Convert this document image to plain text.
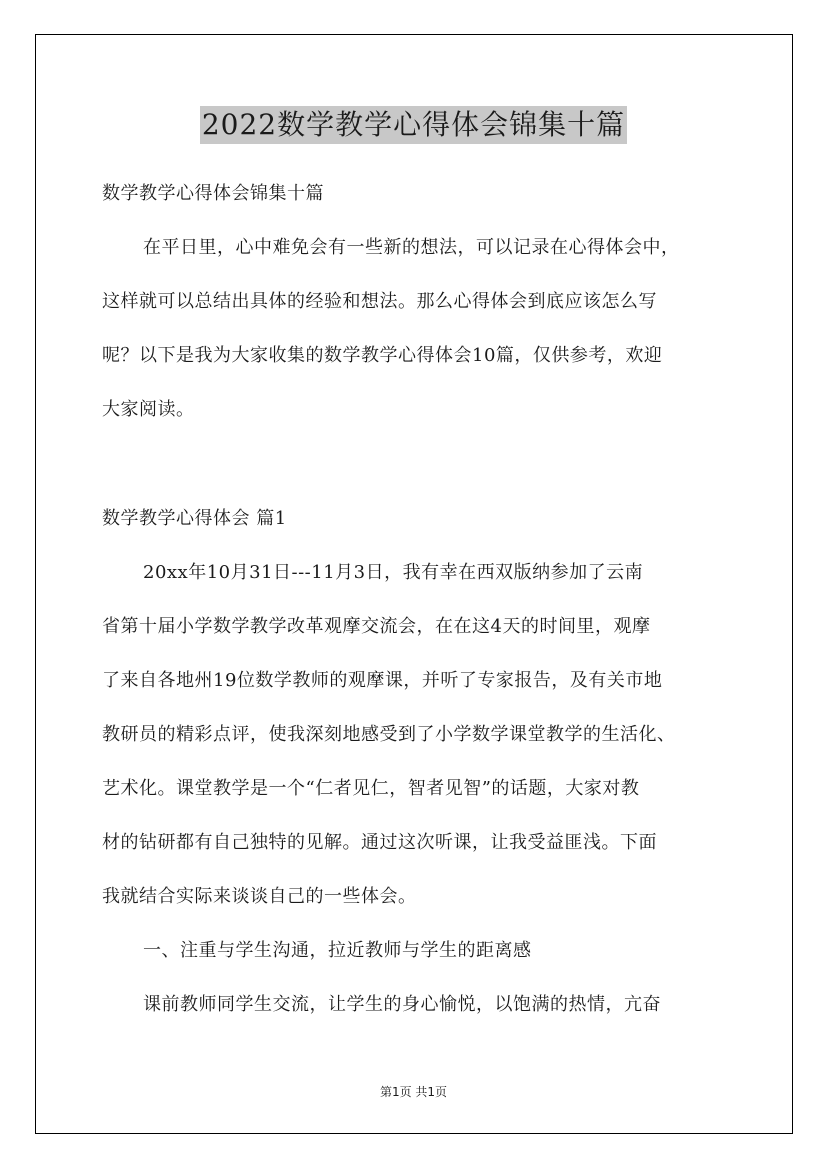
2022数学教学心得体会锦集十篇
数学教学心得体会锦集十篇
在平日里，心中难免会有一些新的想法，可以记录在心得体会中，
这样就可以总结出具体的经验和想法。那么心得体会到底应该怎么写
呢？以下是我为大家收集的数学教学心得体会10篇，仅供参考，欢迎
大家阅读。
数学教学心得体会 篇1
20xx年10月31日---11月3日，我有幸在西双版纳参加了云南
省第十届小学数学教学改革观摩交流会，在在这4天的时间里，观摩
了来自各地州19位数学教师的观摩课，并听了专家报告，及有关市地
教研员的精彩点评，使我深刻地感受到了小学数学课堂教学的生活化、
艺术化。课堂教学是一个“仁者见仁，智者见智”的话题，大家对教
材的钻研都有自己独特的见解。通过这次听课，让我受益匪浅。下面
我就结合实际来谈谈自己的一些体会。
一、注重与学生沟通，拉近教师与学生的距离感
课前教师同学生交流，让学生的身心愉悦，以饱满的热情，亢奋
第1页 共1页
